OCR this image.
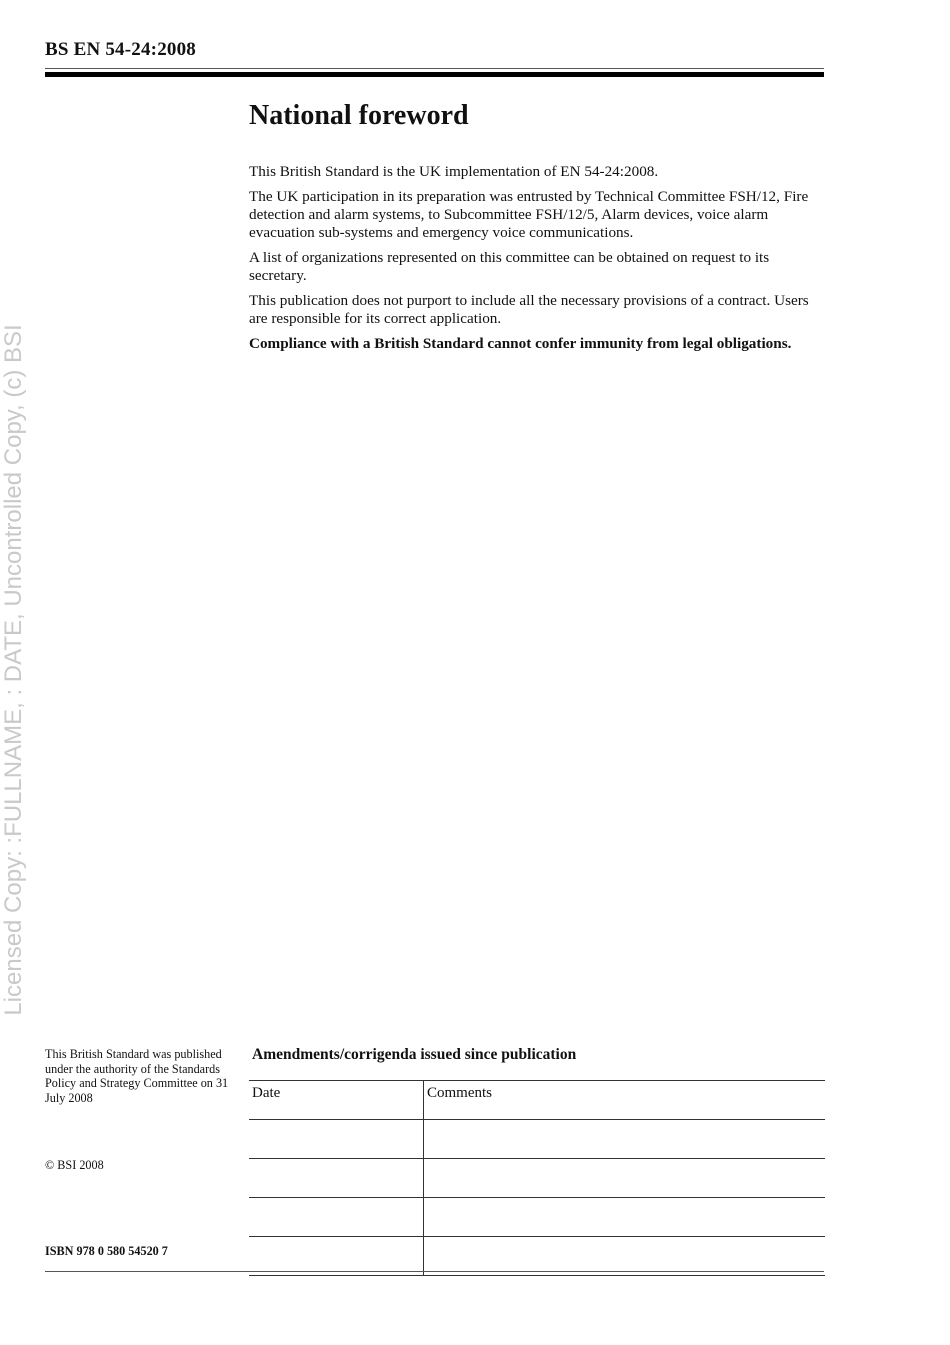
BS EN 54-24:2008
National foreword

This British Standard is the UK implementation of EN 54-24:2008.

The UK participation in its preparation was entrusted by Technical Committee FSH/12, Fire detection and alarm systems, to Subcommittee FSH/12/5, Alarm devices, voice alarm evacuation sub-systems and emergency voice communications.

A list of organizations represented on this committee can be obtained on request to its secretary.

This publication does not purport to include all the necessary provisions of a contract. Users are responsible for its correct application.

Compliance with a British Standard cannot confer immunity from legal obligations.

Licensed Copy: :FULLNAME, : DATE, Uncontrolled Copy, (c) BSI
This British Standard was published under the authority of the Standards Policy and Strategy Committee on 31 July 2008
© BSI 2008
ISBN 978 0 580 54520 7
Amendments/corrigenda issued since publication
Date	Comments
